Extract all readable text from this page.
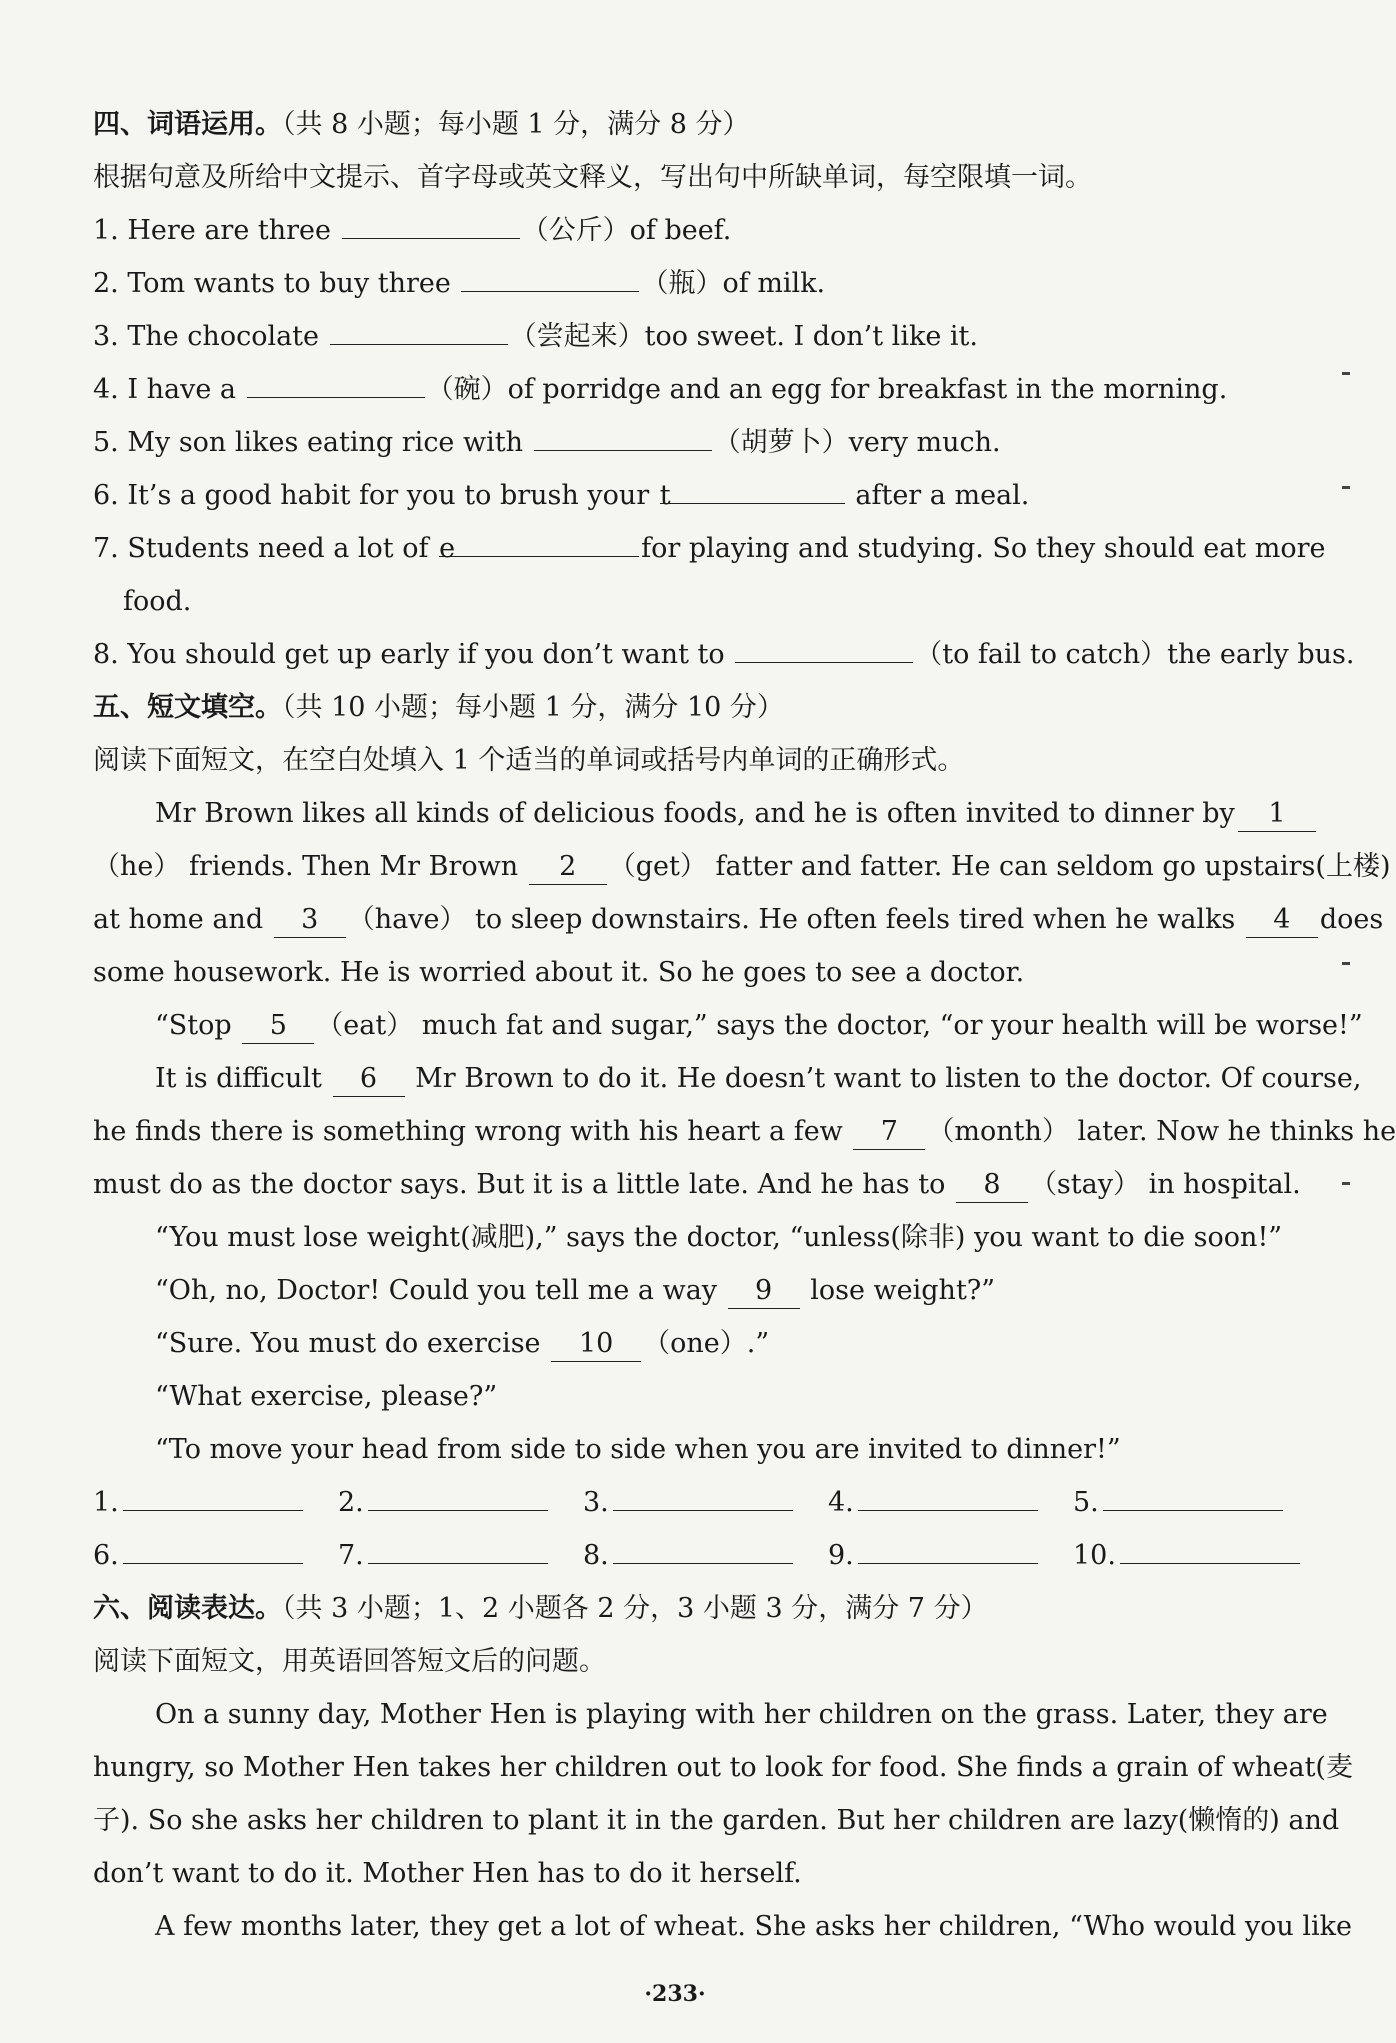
四、词语运用。（共 8 小题；每小题 1 分，满分 8 分）
根据句意及所给中文提示、首字母或英文释义，写出句中所缺单词，每空限填一词。
1. Here are three	（公斤）of beef.
2. Tom wants to buy three	（瓶）of milk.
3. The chocolate	（尝起来）too sweet. I don’t like it.
4. I have a	（碗）of porridge and an egg for breakfast in the morning.
5. My son likes eating rice with	（胡萝卜）very much.
6. It’s a good habit for you to brush your t	after a meal.
7. Students need a lot of e	for playing and studying. So they should eat more
food.
8. You should get up early if you don’t want to	（to fail to catch）the early bus.
五、短文填空。（共 10 小题；每小题 1 分，满分 10 分）
阅读下面短文，在空白处填入 1 个适当的单词或括号内单词的正确形式。
Mr Brown likes all kinds of delicious foods, and he is often invited to dinner by	1
（he） friends. Then Mr Brown 2 （get） fatter and fatter. He can seldom go upstairs(上楼)
at home and 3 （have） to sleep downstairs. He often feels tired when he walks 4	does
some housework. He is worried about it. So he goes to see a doctor.
“Stop 5 （eat） much fat and sugar,” says the doctor, “or your health will be worse!”
It is difficult 6 Mr Brown to do it. He doesn’t want to listen to the doctor. Of course,
he finds there is something wrong with his heart a few 7 （month） later. Now he thinks he
must do as the doctor says. But it is a little late. And he has to 8 （stay） in hospital.
“You must lose weight(减肥),” says the doctor, “unless(除非) you want to die soon!”
“Oh, no, Doctor! Could you tell me a way 9 lose weight?”
“Sure. You must do exercise 10 （one）.”
“What exercise, please?”
“To move your head from side to side when you are invited to dinner!”
1.	2.	3.	4.	5.
6.	7.	8.	9.	10.
六、阅读表达。（共 3 小题；1、2 小题各 2 分，3 小题 3 分，满分 7 分）
阅读下面短文，用英语回答短文后的问题。
On a sunny day, Mother Hen is playing with her children on the grass. Later, they are
hungry, so Mother Hen takes her children out to look for food. She finds a grain of wheat(麦
子). So she asks her children to plant it in the garden. But her children are lazy(懒惰的) and
don’t want to do it. Mother Hen has to do it herself.
A few months later, they get a lot of wheat. She asks her children, “Who would you like
·233·
